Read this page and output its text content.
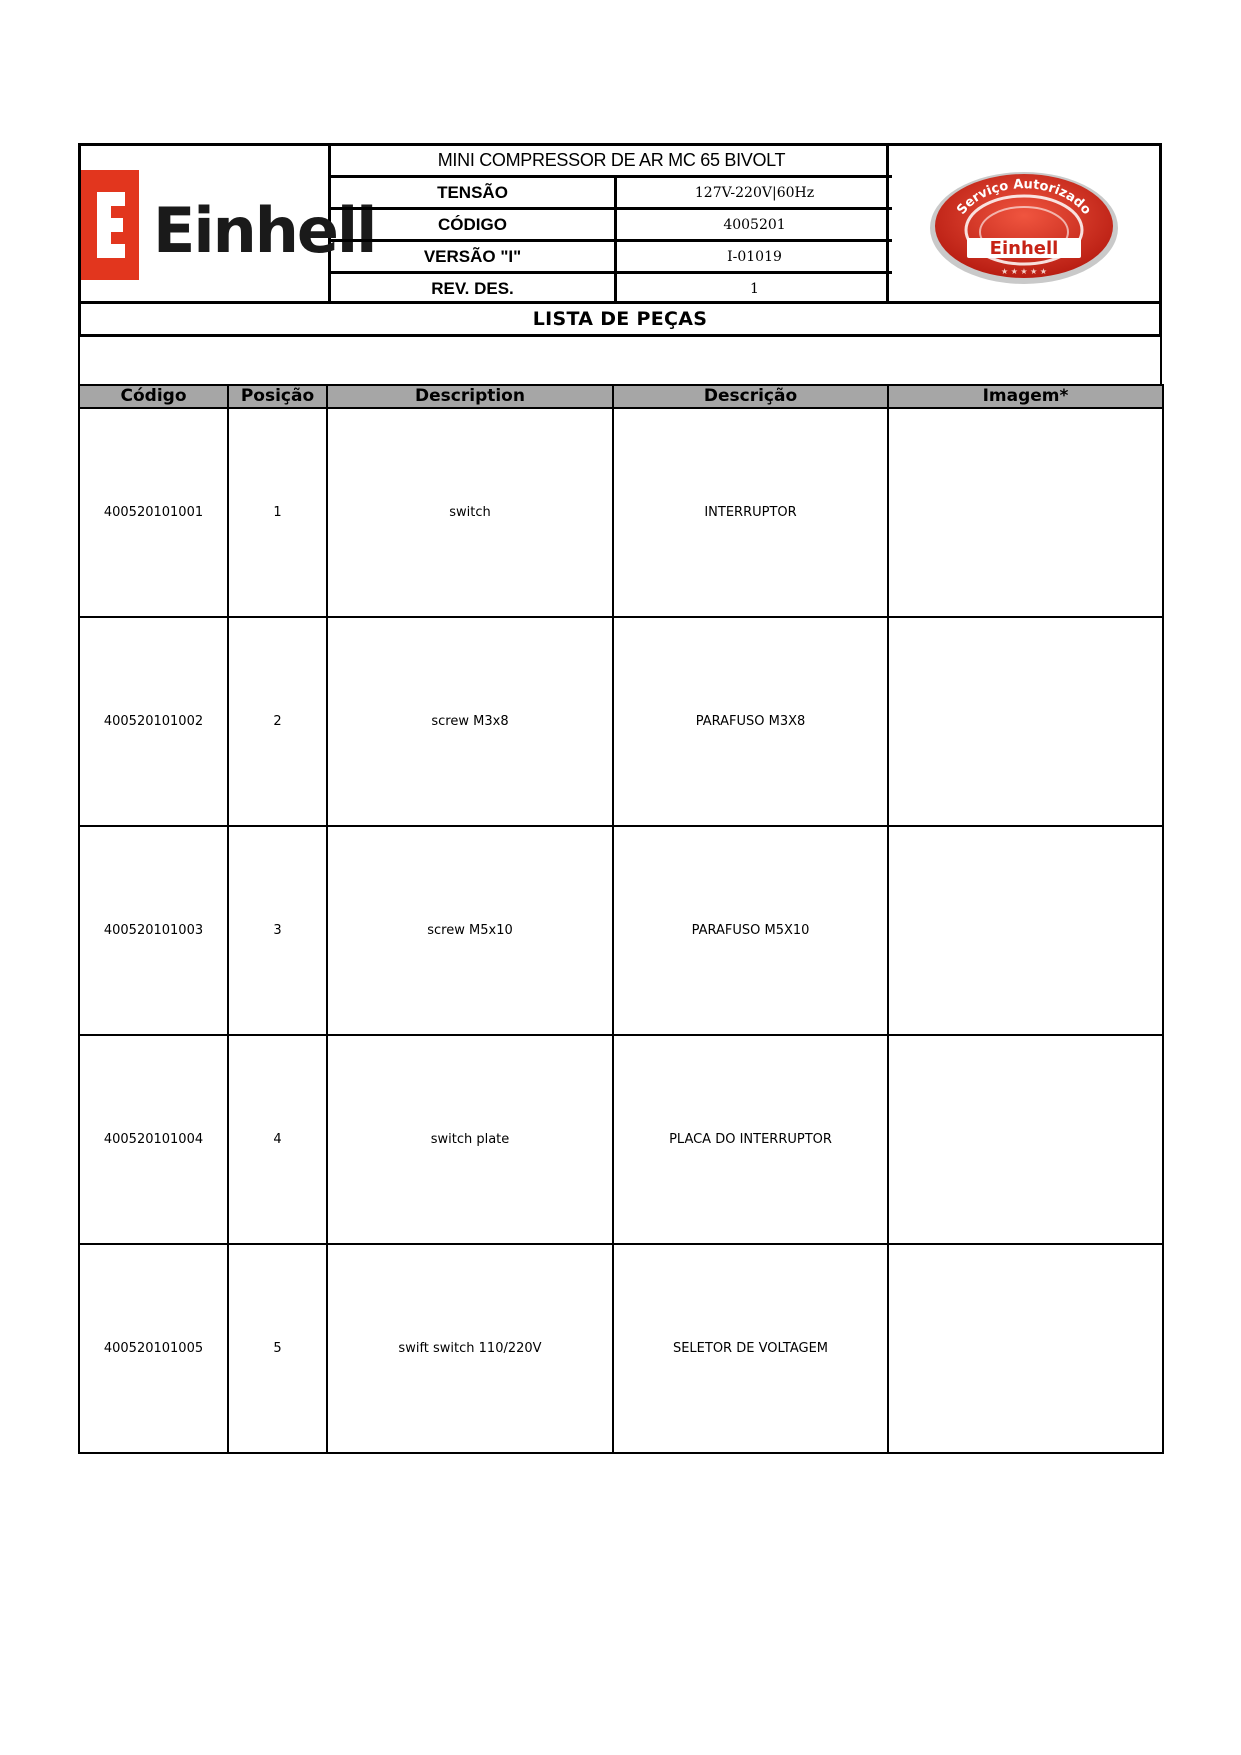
Einhell
MINI COMPRESSOR DE AR MC 65 BIVOLT
TENSÃO	127V-220V|60Hz
CÓDIGO	4005201
VERSÃO "I"	I-01019
REV. DES.	1
Serviço Autorizado
Einhell
★ ★ ★ ★ ★
LISTA DE PEÇAS
Código	Posição	Description	Descrição	Imagem*
400520101001	1	switch	INTERRUPTOR	
400520101002	2	screw M3x8	PARAFUSO M3X8	
400520101003	3	screw M5x10	PARAFUSO M5X10	
400520101004	4	switch plate	PLACA DO INTERRUPTOR	
400520101005	5	swift switch 110/220V	SELETOR DE VOLTAGEM	
